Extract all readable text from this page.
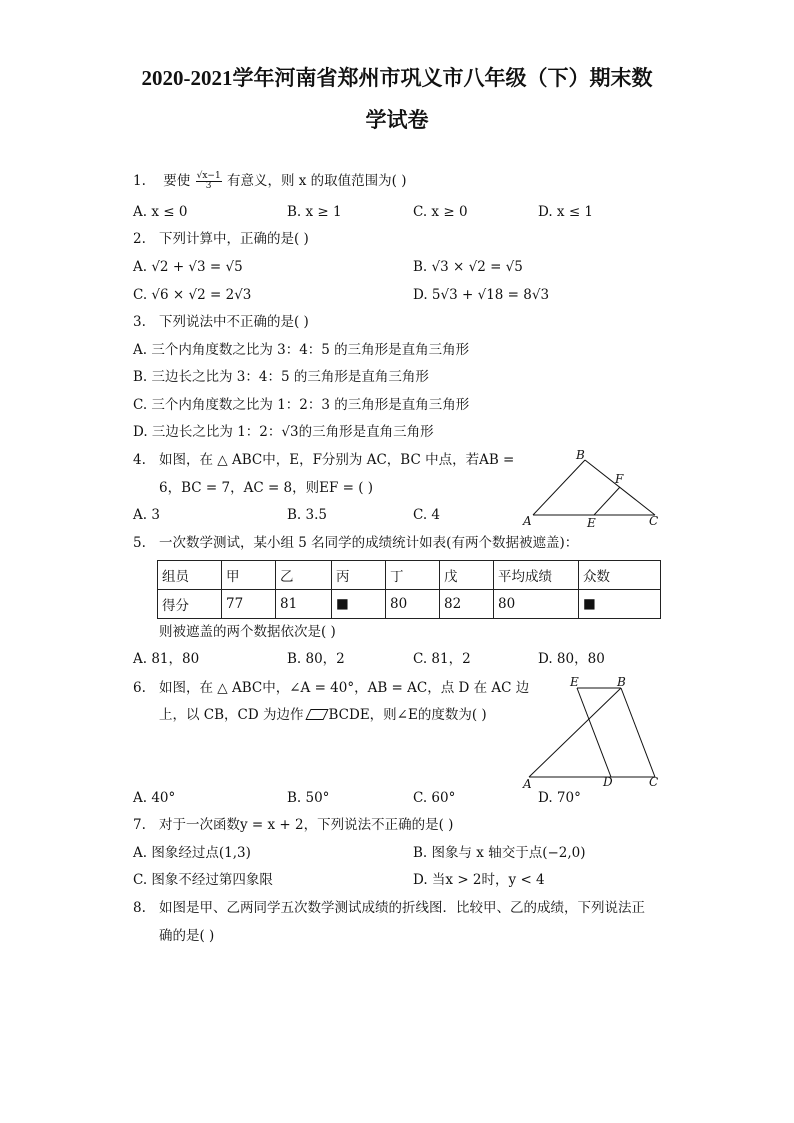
2020-2021学年河南省郑州市巩义市八年级（下）期末数
学试卷
1. 要使 $\frac{√x-1}{3}$ 有意义，则 x 的取值范围为( )
A. x ≤ 0	B. x ≥ 1	C. x ≥ 0	D. x ≤ 1
2. 下列计算中，正确的是( )
A. √2 + √3 = √5	B. √3 × √2 = √5
C. √6 × √2 = 2√3	D. 5√3 + √18 = 8√3
3. 下列说法中不正确的是( )
A. 三个内角度数之比为 3：4：5 的三角形是直角三角形
B. 三边长之比为 3：4：5 的三角形是直角三角形
C. 三个内角度数之比为 1：2：3 的三角形是直角三角形
D. 三边长之比为 1：2：√3的三角形是直角三角形
4. 如图，在 △ ABC中，E，F分别为 AC，BC 中点，若AB =
6，BC = 7，AC = 8，则EF = ( )
A. 3	B. 3.5	C. 4
B
F
A	E	C
5. 一次数学测试，某小组 5 名同学的成绩统计如表(有两个数据被遮盖)：
组员	甲	乙	丙	丁	戊	平均成绩	众数
得分	77	81	■	80	82	80	■
则被遮盖的两个数据依次是( )
A. 81，80	B. 80，2	C. 81，2	D. 80，80
6. 如图，在 △ ABC中，∠A = 40°，AB = AC，点 D 在 AC 边
上，以 CB，CD 为边作 BCDE，则∠E的度数为( )
E	B
A	D	C
A. 40°	B. 50°	C. 60°	D. 70°
7. 对于一次函数y = x + 2，下列说法不正确的是( )
A. 图象经过点(1,3)	B. 图象与 x 轴交于点(−2,0)
C. 图象不经过第四象限	D. 当x > 2时，y < 4
8. 如图是甲、乙两同学五次数学测试成绩的折线图．比较甲、乙的成绩，下列说法正
确的是( )
